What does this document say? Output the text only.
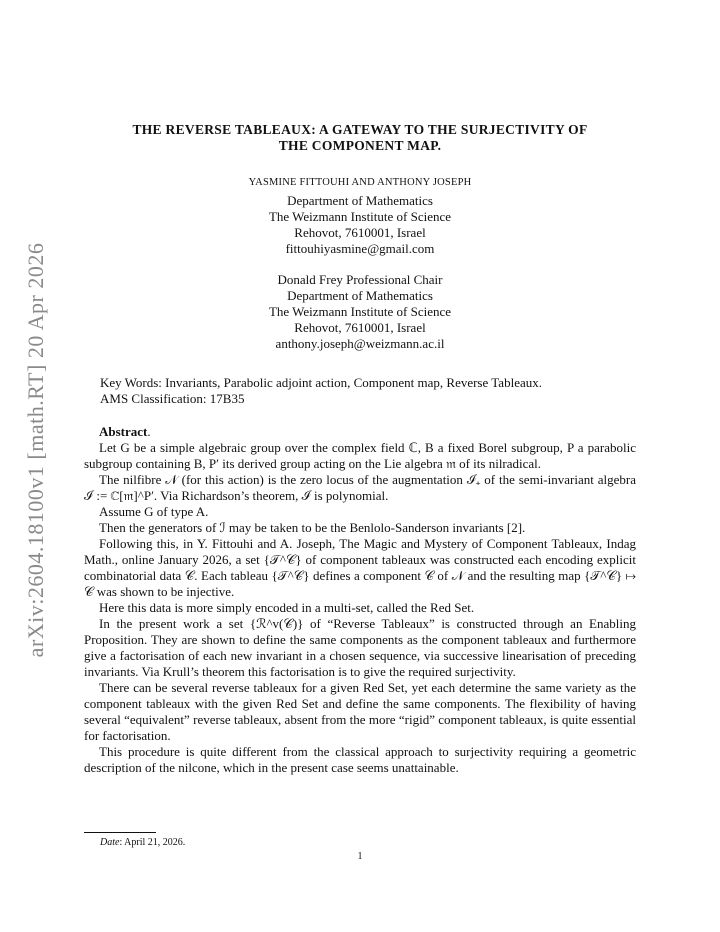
arXiv:2604.18100v1 [math.RT] 20 Apr 2026
THE REVERSE TABLEAUX: A GATEWAY TO THE SURJECTIVITY OF
THE COMPONENT MAP.
YASMINE FITTOUHI AND ANTHONY JOSEPH
Department of Mathematics
The Weizmann Institute of Science
Rehovot, 7610001, Israel
fittouhiyasmine@gmail.com
Donald Frey Professional Chair
Department of Mathematics
The Weizmann Institute of Science
Rehovot, 7610001, Israel
anthony.joseph@weizmann.ac.il
Key Words: Invariants, Parabolic adjoint action, Component map, Reverse Tableaux.
AMS Classification: 17B35
Abstract.

Let G be a simple algebraic group over the complex field ℂ, B a fixed Borel subgroup, P a parabolic subgroup containing B, P′ its derived group acting on the Lie algebra 𝔪 of its nilradical.

The nilfibre 𝒩 (for this action) is the zero locus of the augmentation ℐ₊ of the semi-invariant algebra ℐ := ℂ[𝔪]^P′. Via Richardson’s theorem, ℐ is polynomial.

Assume G of type A.

Then the generators of ℐ may be taken to be the Benlolo-Sanderson invariants [2].

Following this, in Y. Fittouhi and A. Joseph, The Magic and Mystery of Component Tableaux, Indag Math., online January 2026, a set {𝒯^𝒞} of component tableaux was constructed each encoding explicit combinatorial data 𝒞. Each tableau {𝒯^𝒞} defines a component 𝒞 of 𝒩 and the resulting map {𝒯^𝒞} ↦ 𝒞 was shown to be injective.

Here this data is more simply encoded in a multi-set, called the Red Set.

In the present work a set {ℛ^v(𝒞)} of “Reverse Tableaux” is constructed through an Enabling Proposition. They are shown to define the same components as the component tableaux and furthermore give a factorisation of each new invariant in a chosen sequence, via successive linearisation of preceding invariants. Via Krull’s theorem this factorisation is to give the required surjectivity.

There can be several reverse tableaux for a given Red Set, yet each determine the same variety as the component tableaux with the given Red Set and define the same components. The flexibility of having several “equivalent” reverse tableaux, absent from the more “rigid” component tableaux, is quite essential for factorisation.

This procedure is quite different from the classical approach to surjectivity requiring a geometric description of the nilcone, which in the present case seems unattainable.

Date: April 21, 2026.
1
